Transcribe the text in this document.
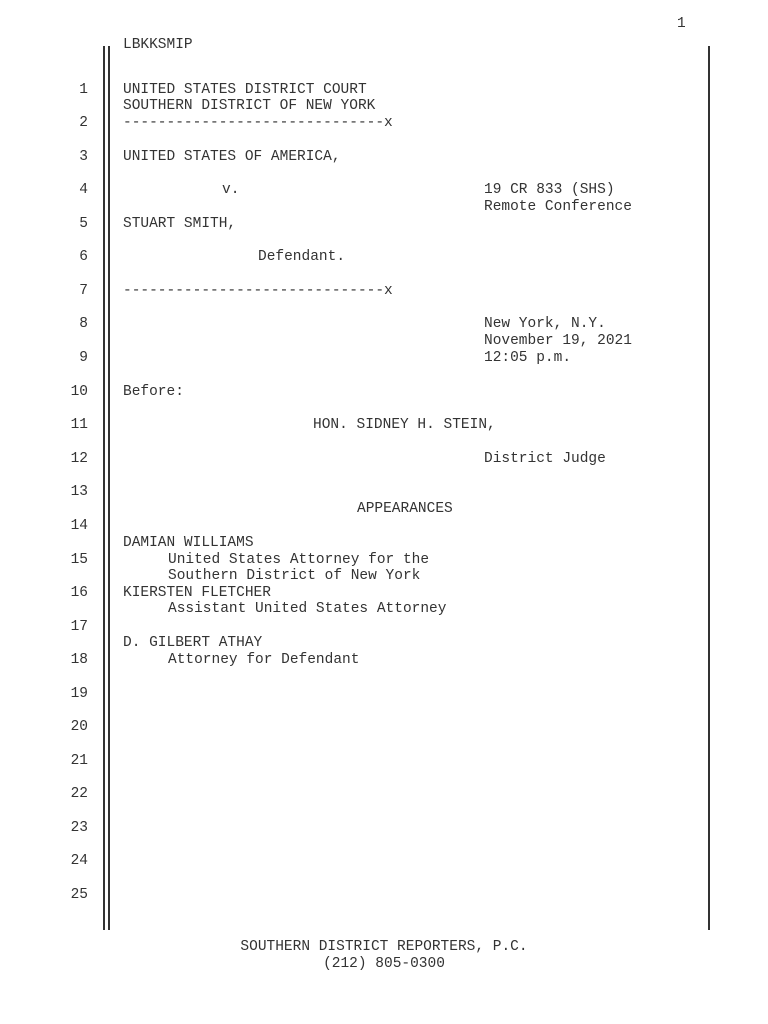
1
LBKKSMIP
1
2
3
4
5
6
7
8
9
10
11
12
13
14
15
16
17
18
19
20
21
22
23
24
25
UNITED STATES DISTRICT COURT
SOUTHERN DISTRICT OF NEW YORK
------------------------------x
UNITED STATES OF AMERICA,
v.	19 CR 833 (SHS)
Remote Conference
STUART SMITH,
Defendant.
------------------------------x
New York, N.Y.
November 19, 2021
12:05 p.m.
Before:
HON. SIDNEY H. STEIN,
District Judge
APPEARANCES
DAMIAN WILLIAMS
United States Attorney for the
Southern District of New York
KIERSTEN FLETCHER
Assistant United States Attorney
D. GILBERT ATHAY
Attorney for Defendant
SOUTHERN DISTRICT REPORTERS, P.C.
(212) 805-0300
